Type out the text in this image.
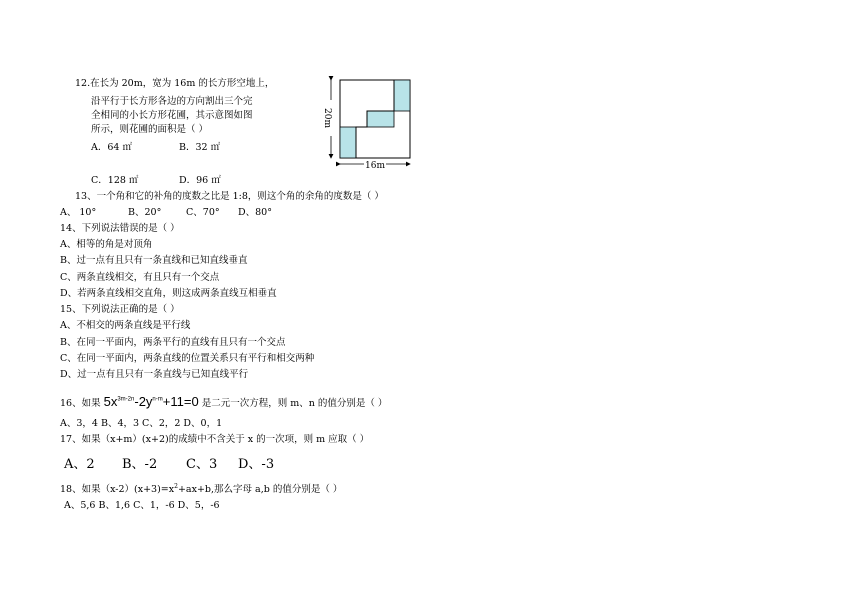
12.在长为 20m，宽为 16m 的长方形空地上，
沿平行于长方形各边的方向割出三个完
全相同的小长方形花圃，其示意图如图
所示，则花圃的面积是（ ）
A．64 ㎡	B．32 ㎡
C．128 ㎡	D．96 ㎡
20m
16m
13、一个角和它的补角的度数之比是 1:8，则这个角的余角的度数是（ ）
A、 10°	B、20°	C、70° D、80°
14、下列说法错误的是（ ）
A、相等的角是对顶角
B、过一点有且只有一条直线和已知直线垂直
C、两条直线相交，有且只有一个交点
D、若两条直线相交直角，则这成两条直线互相垂直
15、下列说法正确的是（ ）
A、不相交的两条直线是平行线
B、在同一平面内，两条平行的直线有且只有一个交点
C、在同一平面内，两条直线的位置关系只有平行和相交两种
D、过一点有且只有一条直线与已知直线平行
16、如果 $5x^{3m-2n}-2y^{n-m}+11=0$ 是二元一次方程，则 m、n 的值分别是（ ）
A、3，4 B、4，3 C、2，2 D、0，1
17、如果（x+m）(x+2)的成绩中不含关于 x 的一次项，则 m 应取（ ）
A、2 B、-2 C、3 D、-3
18、如果$(x-2)(x+3)=x^2+ax+b$,那么字母 a,b 的值分别是（ ）
A、5,6 B、1,6 C、1，-6 D、5，-6
